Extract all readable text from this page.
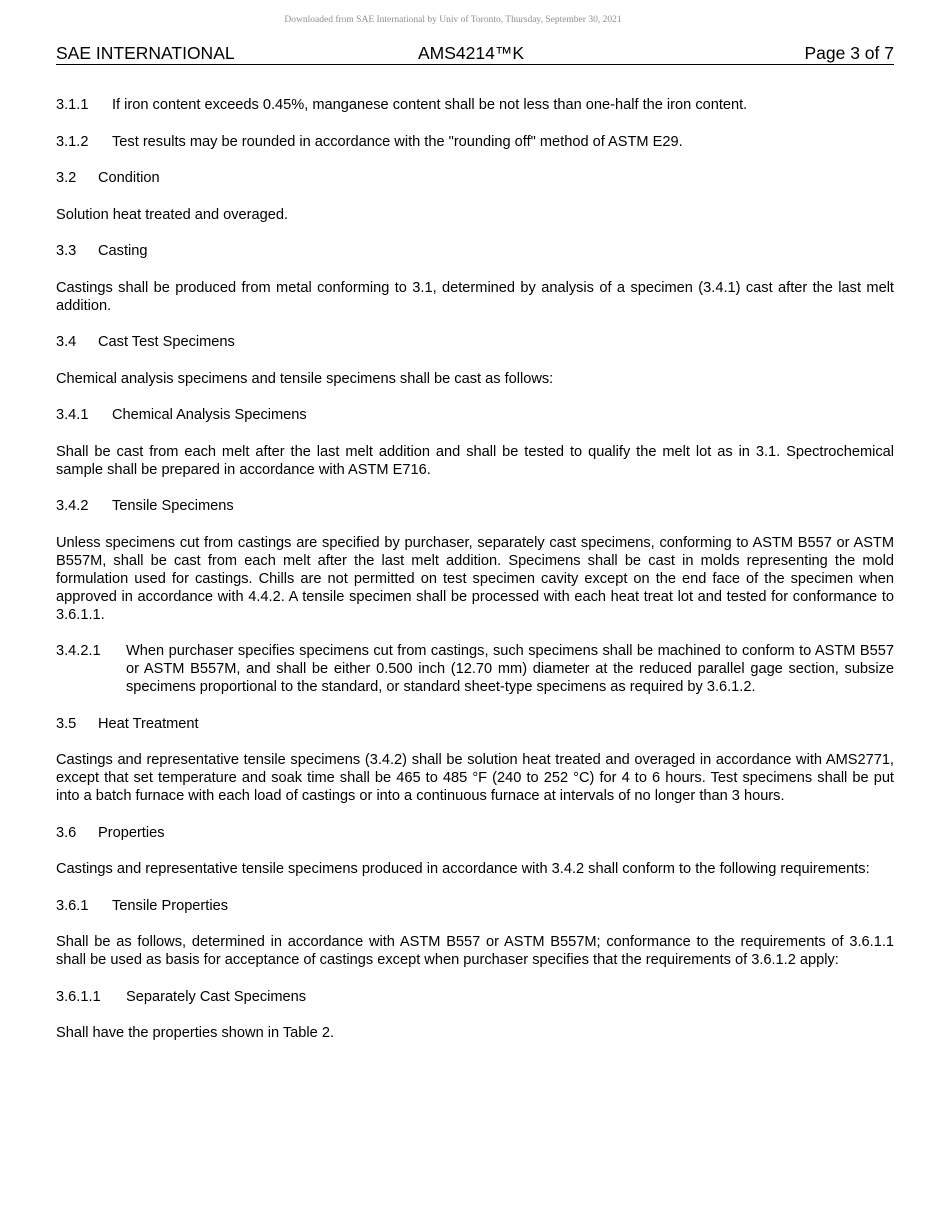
Downloaded from SAE International by Univ of Toronto, Thursday, September 30, 2021
SAE INTERNATIONAL	AMS4214™K	Page 3 of 7
3.1.1	If iron content exceeds 0.45%, manganese content shall be not less than one-half the iron content.
3.1.2	Test results may be rounded in accordance with the "rounding off" method of ASTM E29.
3.2	Condition

Solution heat treated and overaged.

3.3	Casting

Castings shall be produced from metal conforming to 3.1, determined by analysis of a specimen (3.4.1) cast after the last melt addition.

3.4	Cast Test Specimens

Chemical analysis specimens and tensile specimens shall be cast as follows:

3.4.1	Chemical Analysis Specimens

Shall be cast from each melt after the last melt addition and shall be tested to qualify the melt lot as in 3.1. Spectrochemical sample shall be prepared in accordance with ASTM E716.

3.4.2	Tensile Specimens

Unless specimens cut from castings are specified by purchaser, separately cast specimens, conforming to ASTM B557 or ASTM B557M, shall be cast from each melt after the last melt addition. Specimens shall be cast in molds representing the mold formulation used for castings. Chills are not permitted on test specimen cavity except on the end face of the specimen when approved in accordance with 4.4.2. A tensile specimen shall be processed with each heat treat lot and tested for conformance to 3.6.1.1.

3.4.2.1	When purchaser specifies specimens cut from castings, such specimens shall be machined to conform to ASTM B557 or ASTM B557M, and shall be either 0.500 inch (12.70 mm) diameter at the reduced parallel gage section, subsize specimens proportional to the standard, or standard sheet-type specimens as required by 3.6.1.2.
3.5	Heat Treatment

Castings and representative tensile specimens (3.4.2) shall be solution heat treated and overaged in accordance with AMS2771, except that set temperature and soak time shall be 465 to 485 °F (240 to 252 °C) for 4 to 6 hours. Test specimens shall be put into a batch furnace with each load of castings or into a continuous furnace at intervals of no longer than 3 hours.

3.6	Properties

Castings and representative tensile specimens produced in accordance with 3.4.2 shall conform to the following requirements:

3.6.1	Tensile Properties

Shall be as follows, determined in accordance with ASTM B557 or ASTM B557M; conformance to the requirements of 3.6.1.1 shall be used as basis for acceptance of castings except when purchaser specifies that the requirements of 3.6.1.2 apply:

3.6.1.1	Separately Cast Specimens

Shall have the properties shown in Table 2.
